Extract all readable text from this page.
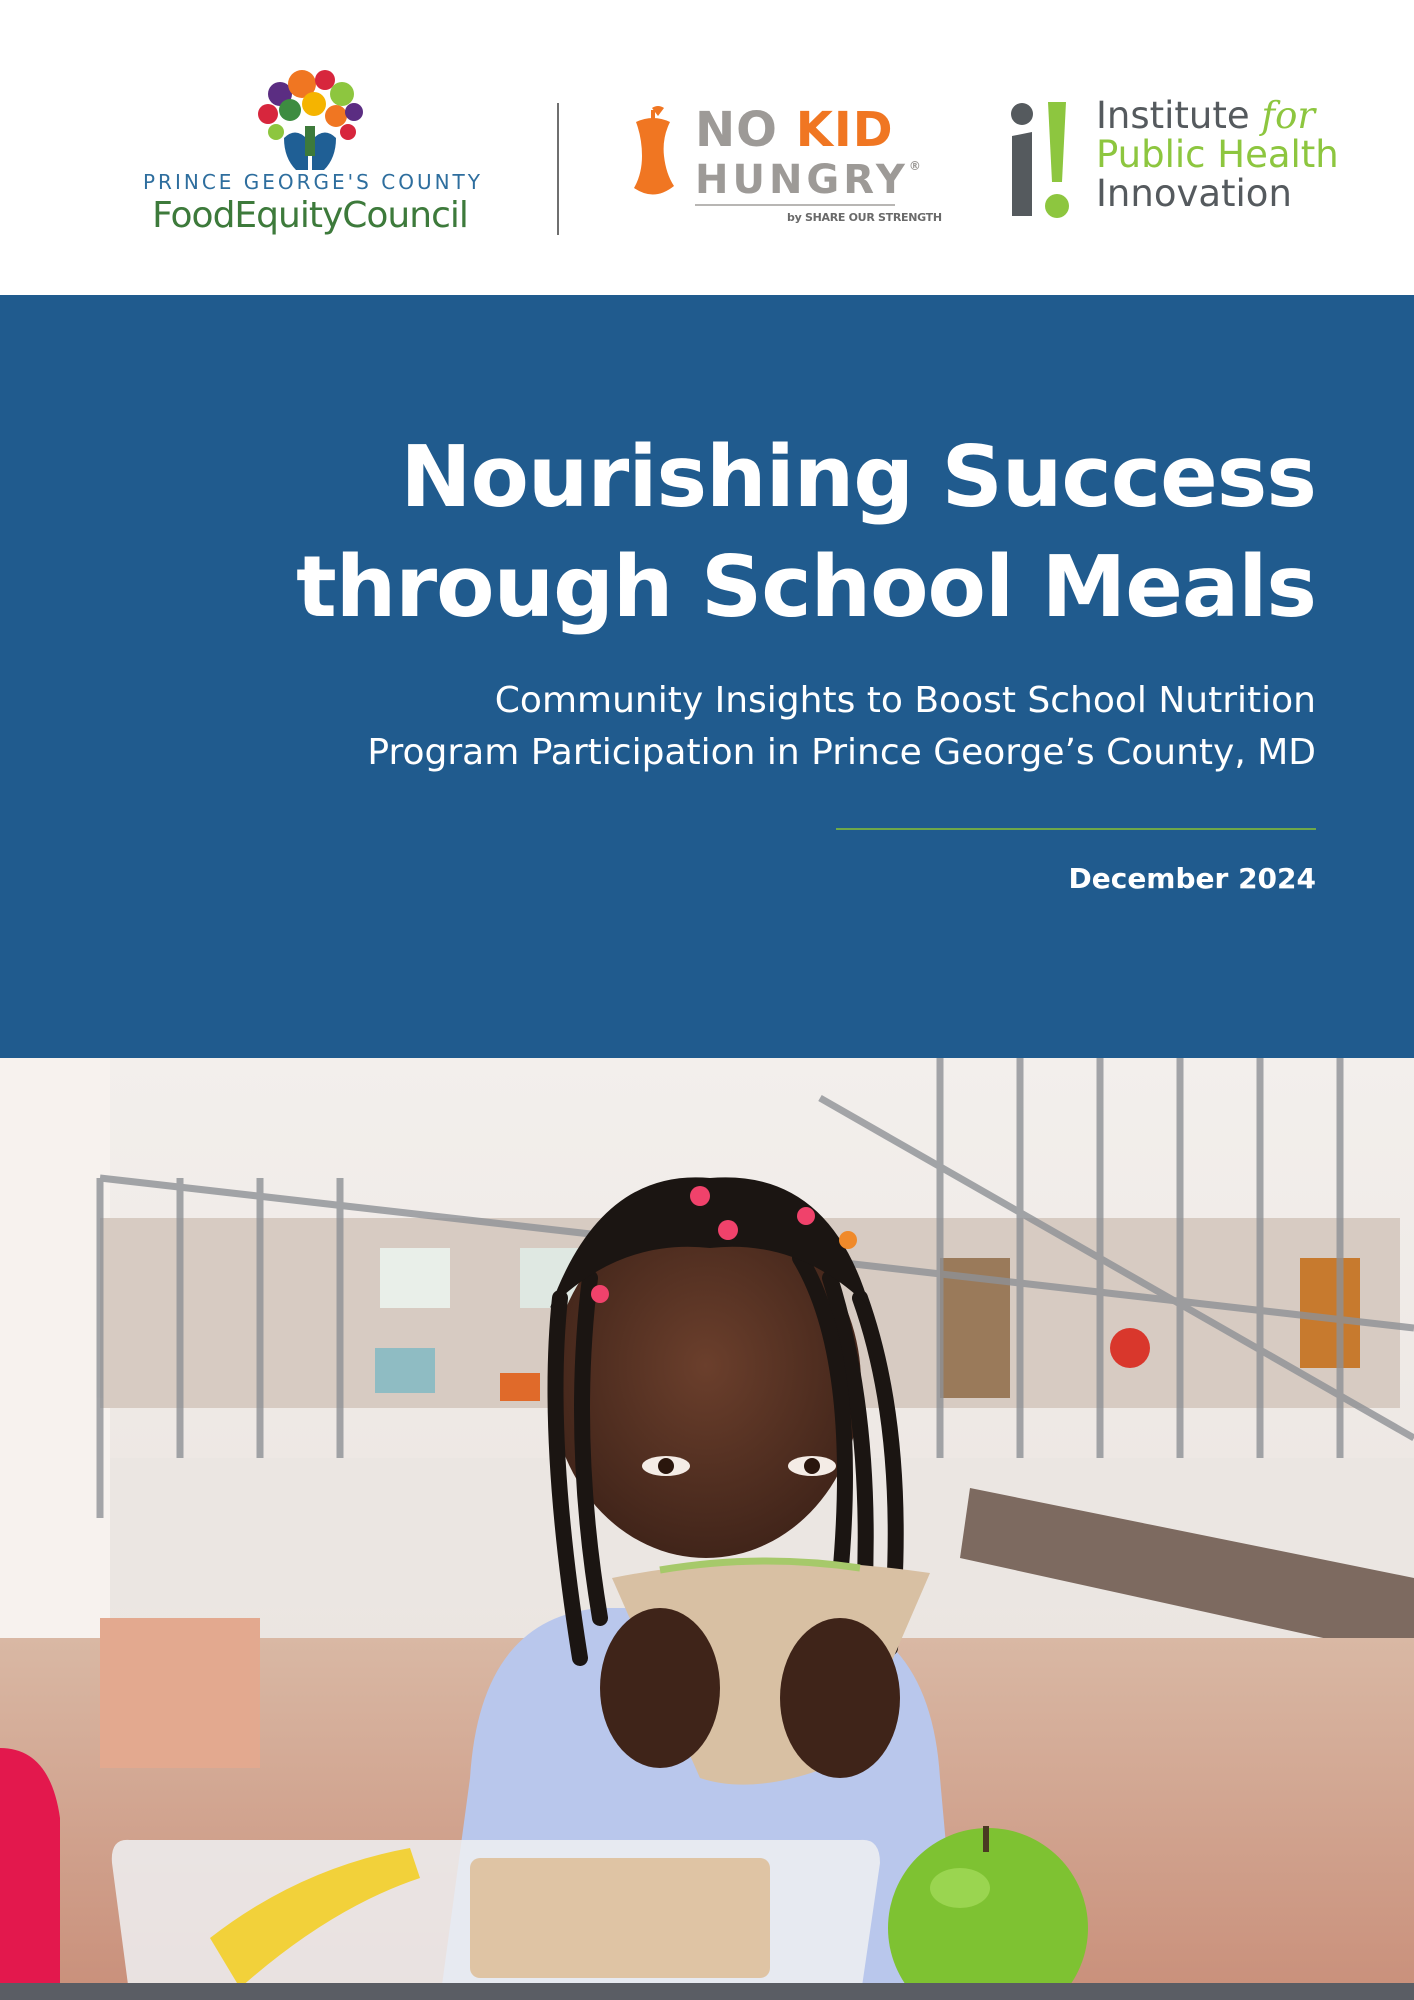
PRINCE GEORGE'S COUNTY
FoodEquityCouncil
NO KID
HUNGRY®
by SHARE OUR STRENGTH
Institute for
Public Health
Innovation
Nourishing Success
through School Meals

Community Insights to Boost School Nutrition
Program Participation in Prince George’s County, MD

December 2024
